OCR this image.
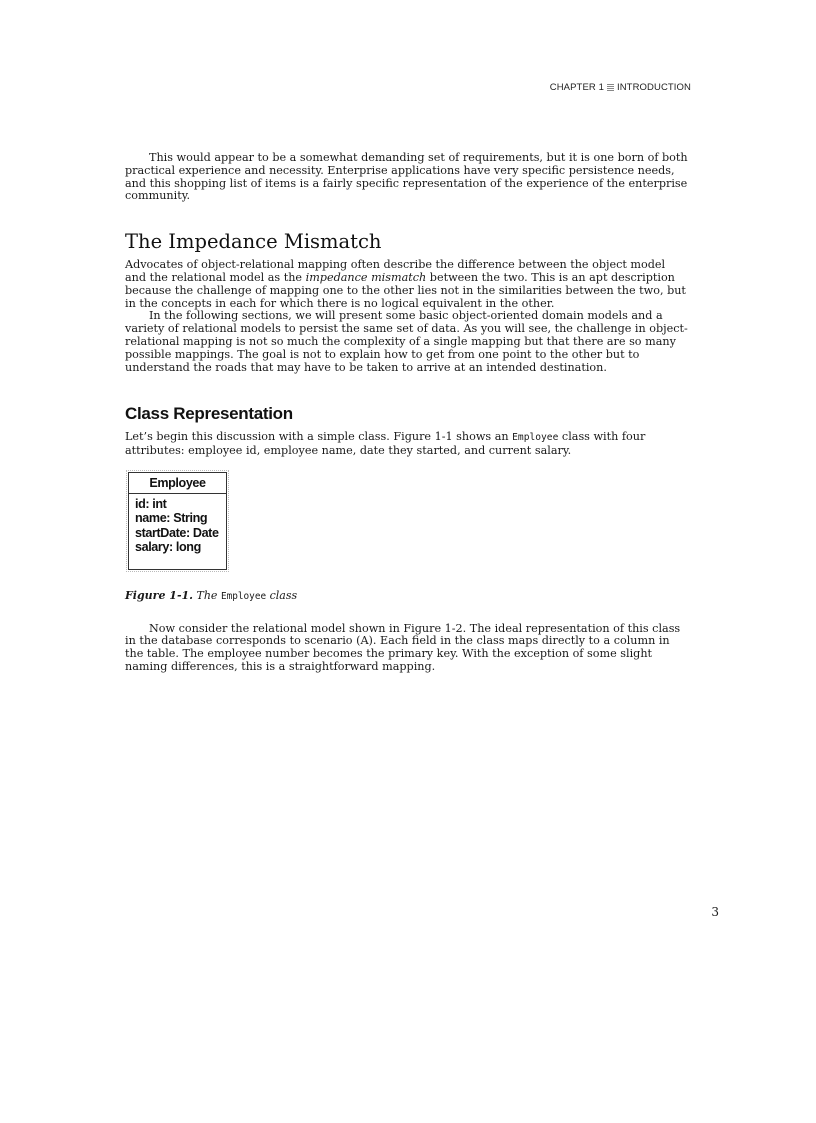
CHAPTER 1 INTRODUCTION

This would appear to be a somewhat demanding set of requirements, but it is one born of both practical experience and necessity. Enterprise applications have very specific persistence needs, and this shopping list of items is a fairly specific representation of the experience of the enterprise community.

The Impedance Mismatch

Advocates of object-relational mapping often describe the difference between the object model and the relational model as the impedance mismatch between the two. This is an apt description because the challenge of mapping one to the other lies not in the similarities between the two, but in the concepts in each for which there is no logical equivalent in the other.

In the following sections, we will present some basic object-oriented domain models and a variety of relational models to persist the same set of data. As you will see, the challenge in object-relational mapping is not so much the complexity of a single mapping but that there are so many possible mappings. The goal is not to explain how to get from one point to the other but to understand the roads that may have to be taken to arrive at an intended destination.

Class Representation

Let’s begin this discussion with a simple class. Figure 1-1 shows an Employee class with four attributes: employee id, employee name, date they started, and current salary.

Employee
id: int
name: String
startDate: Date
salary: long

Figure 1-1. The Employee class

Now consider the relational model shown in Figure 1-2. The ideal representation of this class in the database corresponds to scenario (A). Each field in the class maps directly to a column in the table. The employee number becomes the primary key. With the exception of some slight naming differences, this is a straightforward mapping.

3
